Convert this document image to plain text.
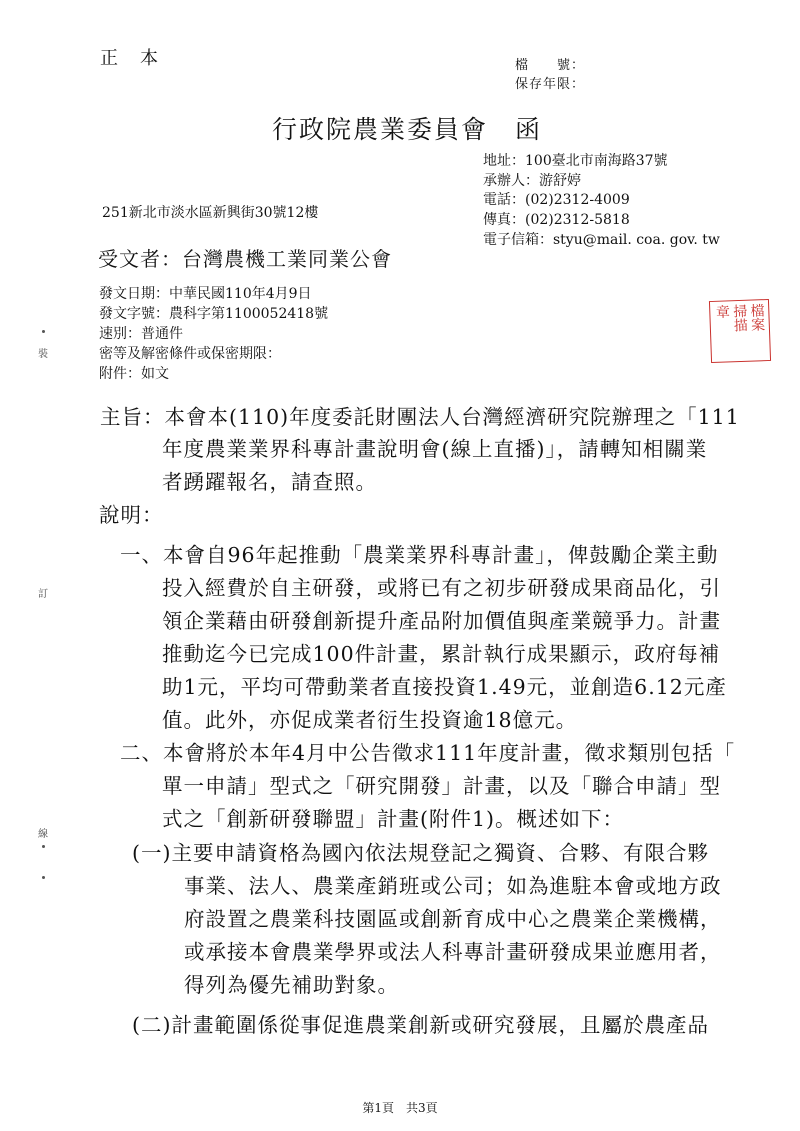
正　本	檔　　號：
保存年限：
行政院農業委員會　函
地址：100臺北市南海路37號
承辦人：游舒婷
電話：(02)2312-4009
傳真：(02)2312-5818
電子信箱：styu@mail. coa. gov. tw
251新北市淡水區新興街30號12樓
受文者：台灣農機工業同業公會
發文日期：中華民國110年4月9日
發文字號：農科字第1100052418號
速別：普通件
密等及解密條件或保密期限：
附件：如文
檔案
掃描
章
裝
訂
線
主旨：本會本(110)年度委託財團法人台灣經濟研究院辦理之「111
年度農業業界科專計畫說明會(線上直播)」，請轉知相關業
者踴躍報名，請查照。
說明：
一、本會自96年起推動「農業業界科專計畫」，俾鼓勵企業主動
投入經費於自主研發，或將已有之初步研發成果商品化，引
領企業藉由研發創新提升產品附加價值與產業競爭力。計畫
推動迄今已完成100件計畫，累計執行成果顯示，政府每補
助1元，平均可帶動業者直接投資1.49元，並創造6.12元產
值。此外，亦促成業者衍生投資逾18億元。
二、本會將於本年4月中公告徵求111年度計畫，徵求類別包括「
單一申請」型式之「研究開發」計畫，以及「聯合申請」型
式之「創新研發聯盟」計畫(附件1)。概述如下：
(一)主要申請資格為國內依法規登記之獨資、合夥、有限合夥
事業、法人、農業產銷班或公司；如為進駐本會或地方政
府設置之農業科技園區或創新育成中心之農業企業機構，
或承接本會農業學界或法人科專計畫研發成果並應用者，
得列為優先補助對象。
(二)計畫範圍係從事促進農業創新或研究發展，且屬於農產品
第1頁　共3頁
